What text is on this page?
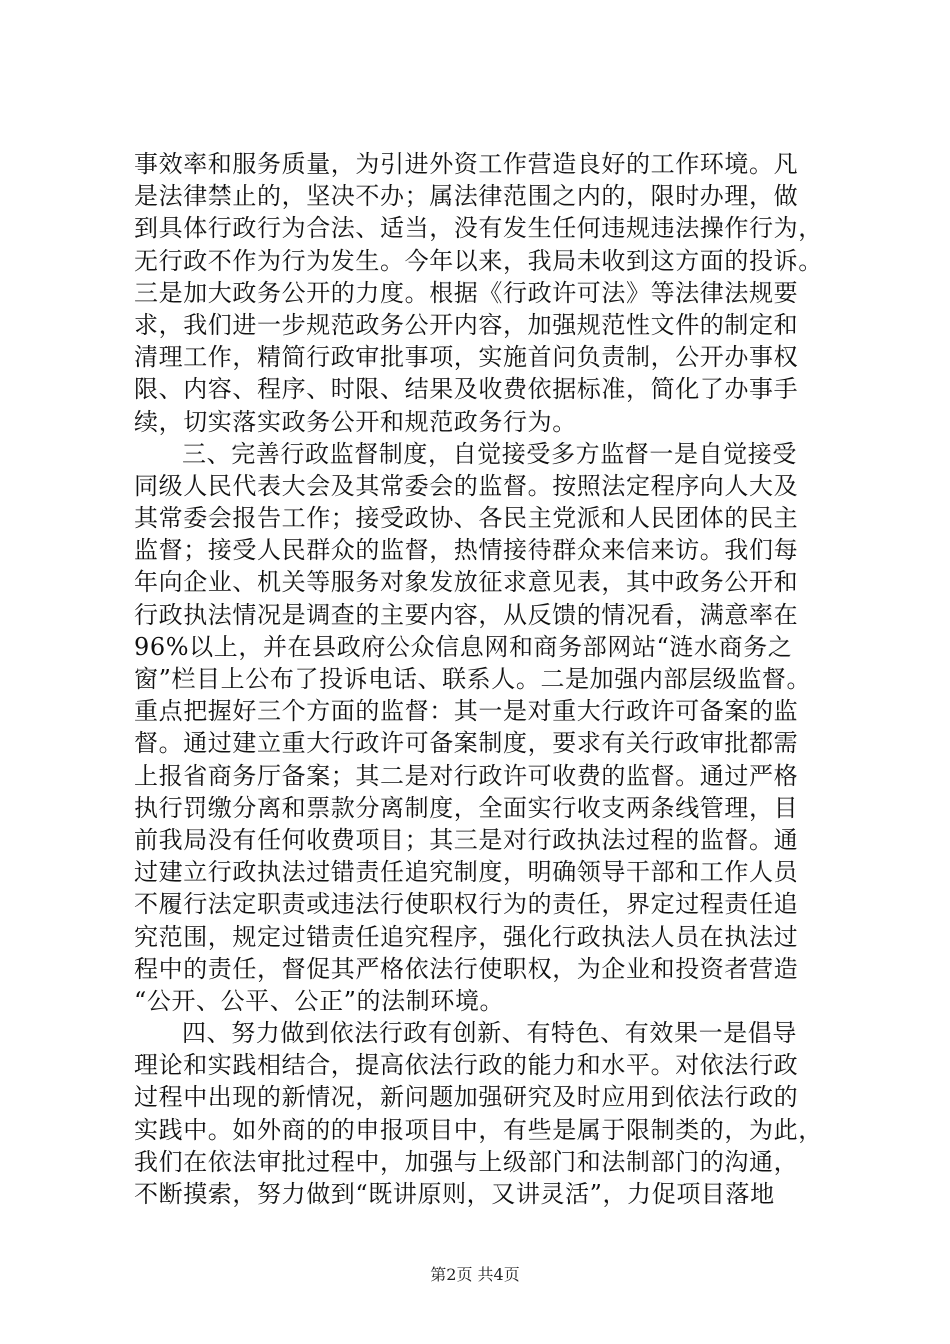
事效率和服务质量，为引进外资工作营造良好的工作环境。凡
是法律禁止的，坚决不办；属法律范围之内的，限时办理，做
到具体行政行为合法、适当，没有发生任何违规违法操作行为，
无行政不作为行为发生。今年以来，我局未收到这方面的投诉。
三是加大政务公开的力度。根据《行政许可法》等法律法规要
求，我们进一步规范政务公开内容，加强规范性文件的制定和
清理工作，精简行政审批事项，实施首问负责制，公开办事权
限、内容、程序、时限、结果及收费依据标准，简化了办事手
续，切实落实政务公开和规范政务行为。
三、完善行政监督制度，自觉接受多方监督一是自觉接受
同级人民代表大会及其常委会的监督。按照法定程序向人大及
其常委会报告工作；接受政协、各民主党派和人民团体的民主
监督；接受人民群众的监督，热情接待群众来信来访。我们每
年向企业、机关等服务对象发放征求意见表，其中政务公开和
行政执法情况是调查的主要内容，从反馈的情况看，满意率在
96%以上，并在县政府公众信息网和商务部网站“涟水商务之
窗”栏目上公布了投诉电话、联系人。二是加强内部层级监督。
重点把握好三个方面的监督：其一是对重大行政许可备案的监
督。通过建立重大行政许可备案制度，要求有关行政审批都需
上报省商务厅备案；其二是对行政许可收费的监督。通过严格
执行罚缴分离和票款分离制度，全面实行收支两条线管理，目
前我局没有任何收费项目；其三是对行政执法过程的监督。通
过建立行政执法过错责任追究制度，明确领导干部和工作人员
不履行法定职责或违法行使职权行为的责任，界定过程责任追
究范围，规定过错责任追究程序，强化行政执法人员在执法过
程中的责任，督促其严格依法行使职权，为企业和投资者营造
“公开、公平、公正”的法制环境。
四、努力做到依法行政有创新、有特色、有效果一是倡导
理论和实践相结合，提高依法行政的能力和水平。对依法行政
过程中出现的新情况，新问题加强研究及时应用到依法行政的
实践中。如外商的的申报项目中，有些是属于限制类的，为此，
我们在依法审批过程中，加强与上级部门和法制部门的沟通，
不断摸索，努力做到“既讲原则，又讲灵活”，力促项目落地
第2页 共4页
